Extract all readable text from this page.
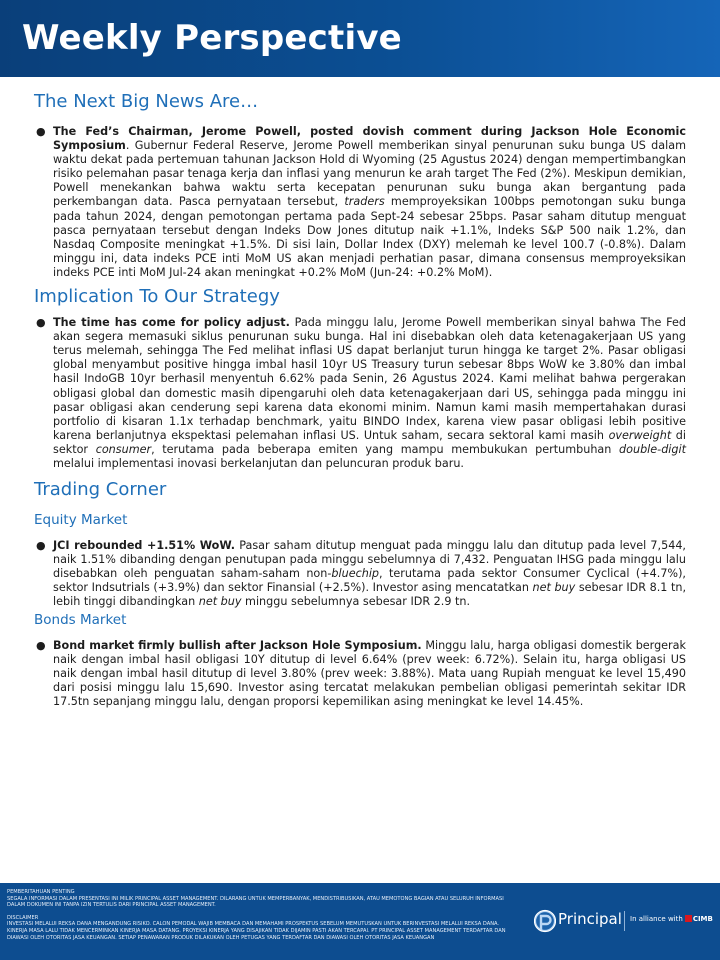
Weekly Perspective
The Next Big News Are…
● The Fed’s Chairman, Jerome Powell, posted dovish comment during Jackson Hole Economic Symposium. Gubernur Federal Reserve, Jerome Powell memberikan sinyal penurunan suku bunga US dalam waktu dekat pada pertemuan tahunan Jackson Hold di Wyoming (25 Agustus 2024) dengan mempertimbangkan risiko pelemahan pasar tenaga kerja dan inflasi yang menurun ke arah target The Fed (2%). Meskipun demikian, Powell menekankan bahwa waktu serta kecepatan penurunan suku bunga akan bergantung pada perkembangan data. Pasca pernyataan tersebut, traders memproyeksikan 100bps pemotongan suku bunga pada tahun 2024, dengan pemotongan pertama pada Sept-24 sebesar 25bps. Pasar saham ditutup menguat pasca pernyataan tersebut dengan Indeks Dow Jones ditutup naik +1.1%, Indeks S&P 500 naik 1.2%, dan Nasdaq Composite meningkat +1.5%. Di sisi lain, Dollar Index (DXY) melemah ke level 100.7 (-0.8%). Dalam minggu ini, data indeks PCE inti MoM US akan menjadi perhatian pasar, dimana consensus memproyeksikan indeks PCE inti MoM Jul-24 akan meningkat +0.2% MoM (Jun-24: +0.2% MoM).
Implication To Our Strategy
● The time has come for policy adjust. Pada minggu lalu, Jerome Powell memberikan sinyal bahwa The Fed akan segera memasuki siklus penurunan suku bunga. Hal ini disebabkan oleh data ketenagakerjaan US yang terus melemah, sehingga The Fed melihat inflasi US dapat berlanjut turun hingga ke target 2%. Pasar obligasi global menyambut positive hingga imbal hasil 10yr US Treasury turun sebesar 8bps WoW ke 3.80% dan imbal hasil IndoGB 10yr berhasil menyentuh 6.62% pada Senin, 26 Agustus 2024. Kami melihat bahwa pergerakan obligasi global dan domestic masih dipengaruhi oleh data ketenagakerjaan dari US, sehingga pada minggu ini pasar obligasi akan cenderung sepi karena data ekonomi minim. Namun kami masih mempertahakan durasi portfolio di kisaran 1.1x terhadap benchmark, yaitu BINDO Index, karena view pasar obligasi lebih positive karena berlanjutnya ekspektasi pelemahan inflasi US. Untuk saham, secara sektoral kami masih overweight di sektor consumer, terutama pada beberapa emiten yang mampu membukukan pertumbuhan double-digit melalui implementasi inovasi berkelanjutan dan peluncuran produk baru.
Trading Corner
Equity Market
● JCI rebounded +1.51% WoW. Pasar saham ditutup menguat pada minggu lalu dan ditutup pada level 7,544, naik 1.51% dibanding dengan penutupan pada minggu sebelumnya di 7,432. Penguatan IHSG pada minggu lalu disebabkan oleh penguatan saham-saham non-bluechip, terutama pada sektor Consumer Cyclical (+4.7%), sektor Indsutrials (+3.9%) dan sektor Finansial (+2.5%). Investor asing mencatatkan net buy sebesar IDR 8.1 tn, lebih tinggi dibandingkan net buy minggu sebelumnya sebesar IDR 2.9 tn.
Bonds Market
● Bond market firmly bullish after Jackson Hole Symposium. Minggu lalu, harga obligasi domestik bergerak naik dengan imbal hasil obligasi 10Y ditutup di level 6.64% (prev week: 6.72%). Selain itu, harga obligasi US naik dengan imbal hasil ditutup di level 3.80% (prev week: 3.88%). Mata uang Rupiah menguat ke level 15,490 dari posisi minggu lalu 15,690. Investor asing tercatat melakukan pembelian obligasi pemerintah sekitar IDR 17.5tn sepanjang minggu lalu, dengan proporsi kepemilikan asing meningkat ke level 14.45%.
PEMBERITAHUAN PENTING
SEGALA INFORMASI DALAM PRESENTASI INI MILIK PRINCIPAL ASSET MANAGEMENT. DILARANG UNTUK MEMPERBANYAK, MENDISTRIBUSIKAN, ATAU MEMOTONG BAGIAN ATAU SELURUH INFORMASI DALAM DOKUMEN INI TANPA IZIN TERTULIS DARI PRINCIPAL ASSET MANAGEMENT.
DISCLAIMER
INVESTASI MELALUI REKSA DANA MENGANDUNG RISIKO. CALON PEMODAL WAJIB MEMBACA DAN MEMAHAMI PROSPEKTUS SEBELUM MEMUTUSKAN UNTUK BERINVESTASI MELALUI REKSA DANA. KINERJA MASA LALU TIDAK MENCERMINKAN KINERJA MASA DATANG. PROYEKSI KINERJA YANG DISAJIKAN TIDAK DIJAMIN PASTI AKAN TERCAPAI. PT PRINCIPAL ASSET MANAGEMENT TERDAFTAR DAN DIAWASI OLEH OTORITAS JASA KEUANGAN. SETIAP PENAWARAN PRODUK DILAKUKAN OLEH PETUGAS YANG TERDAFTAR DAN DIAWASI OLEH OTORITAS JASA KEUANGAN
Principal In alliance with CIMB
